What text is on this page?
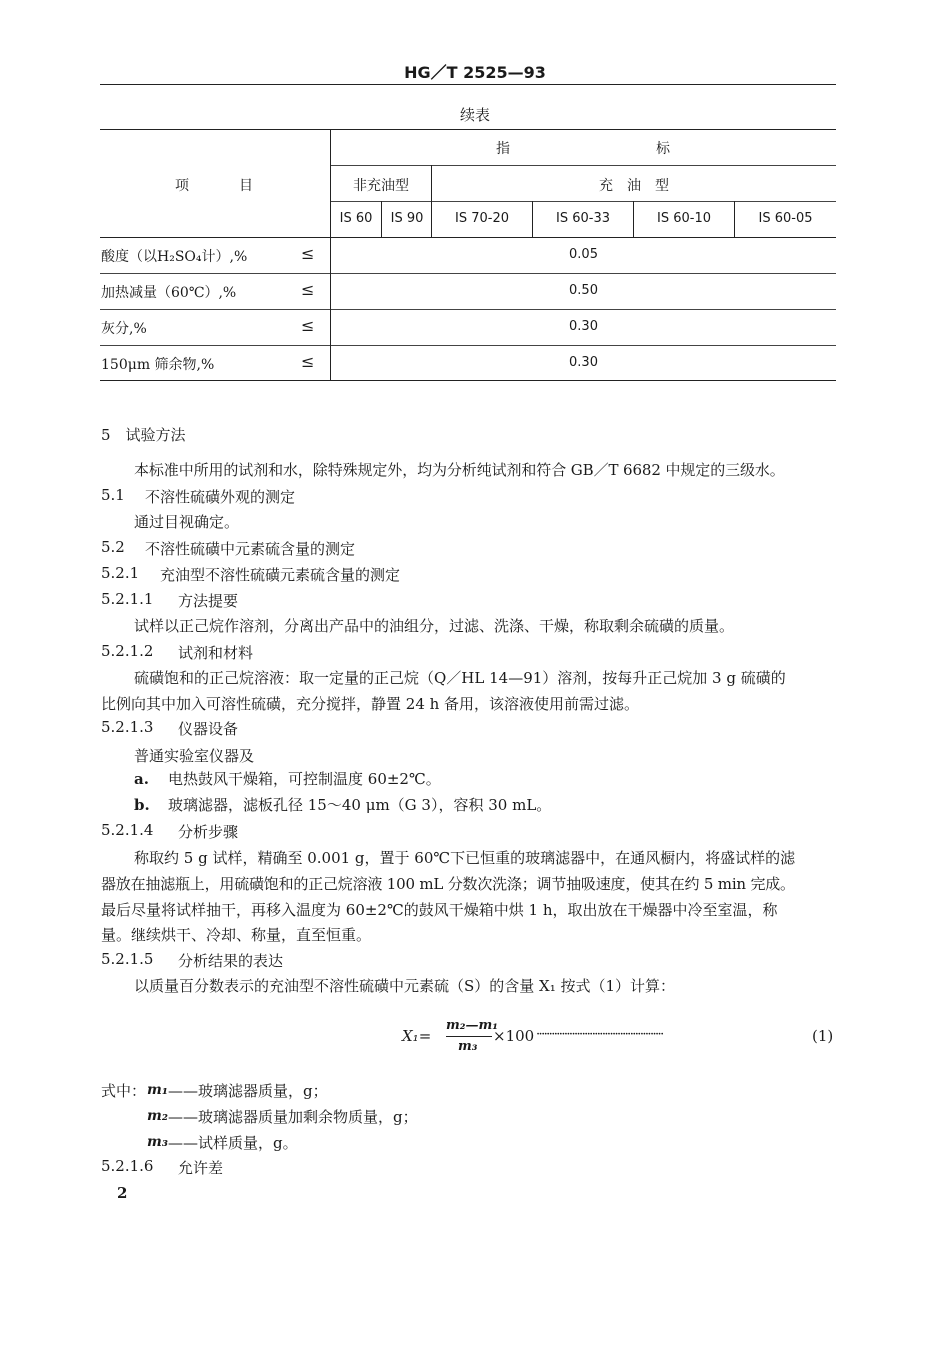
HG／T 2525—93
续表
项　　　目
指	标
非充油型	充　油　型
IS 60	IS 90	IS 70-20	IS 60-33	IS 60-10	IS 60-05
酸度（以H₂SO₄计）,%	≤	0.05
加热减量（60℃）,%	≤	0.50
灰分,%	≤	0.30
150μm 筛余物,%	≤	0.30
5　试验方法
本标准中所用的试剂和水，除特殊规定外，均为分析纯试剂和符合 GB／T 6682 中规定的三级水。
5.1 不溶性硫磺外观的测定
通过目视确定。
5.2 不溶性硫磺中元素硫含量的测定
5.2.1 充油型不溶性硫磺元素硫含量的测定
5.2.1.1 方法提要
试样以正己烷作溶剂，分离出产品中的油组分，过滤、洗涤、干燥，称取剩余硫磺的质量。
5.2.1.2 试剂和材料
硫磺饱和的正己烷溶液：取一定量的正己烷（Q／HL 14—91）溶剂，按每升正己烷加 3 g 硫磺的
比例向其中加入可溶性硫磺，充分搅拌，静置 24 h 备用，该溶液使用前需过滤。
5.2.1.3 仪器设备
普通实验室仪器及
a. 电热鼓风干燥箱，可控制温度 60±2℃。
b. 玻璃滤器，滤板孔径 15～40 μm（G 3），容积 30 mL。
5.2.1.4 分析步骤
称取约 5 g 试样，精确至 0.001 g，置于 60℃下已恒重的玻璃滤器中，在通风橱内，将盛试样的滤
器放在抽滤瓶上，用硫磺饱和的正己烷溶液 100 mL 分数次洗涤；调节抽吸速度，使其在约 5 min 完成。
最后尽量将试样抽干，再移入温度为 60±2℃的鼓风干燥箱中烘 1 h，取出放在干燥器中冷至室温，称
量。继续烘干、冷却、称量，直至恒重。
5.2.1.5 分析结果的表达
以质量百分数表示的充油型不溶性硫磺中元素硫（S）的含量 X₁ 按式（1）计算：
X₁=
m₂—m₁
m₃
×100 ··················································	(1)
式中： m₁ ——玻璃滤器质量，g；
m₂ ——玻璃滤器质量加剩余物质量，g；
m₃ ——试样质量，g。
5.2.1.6 允许差
2
